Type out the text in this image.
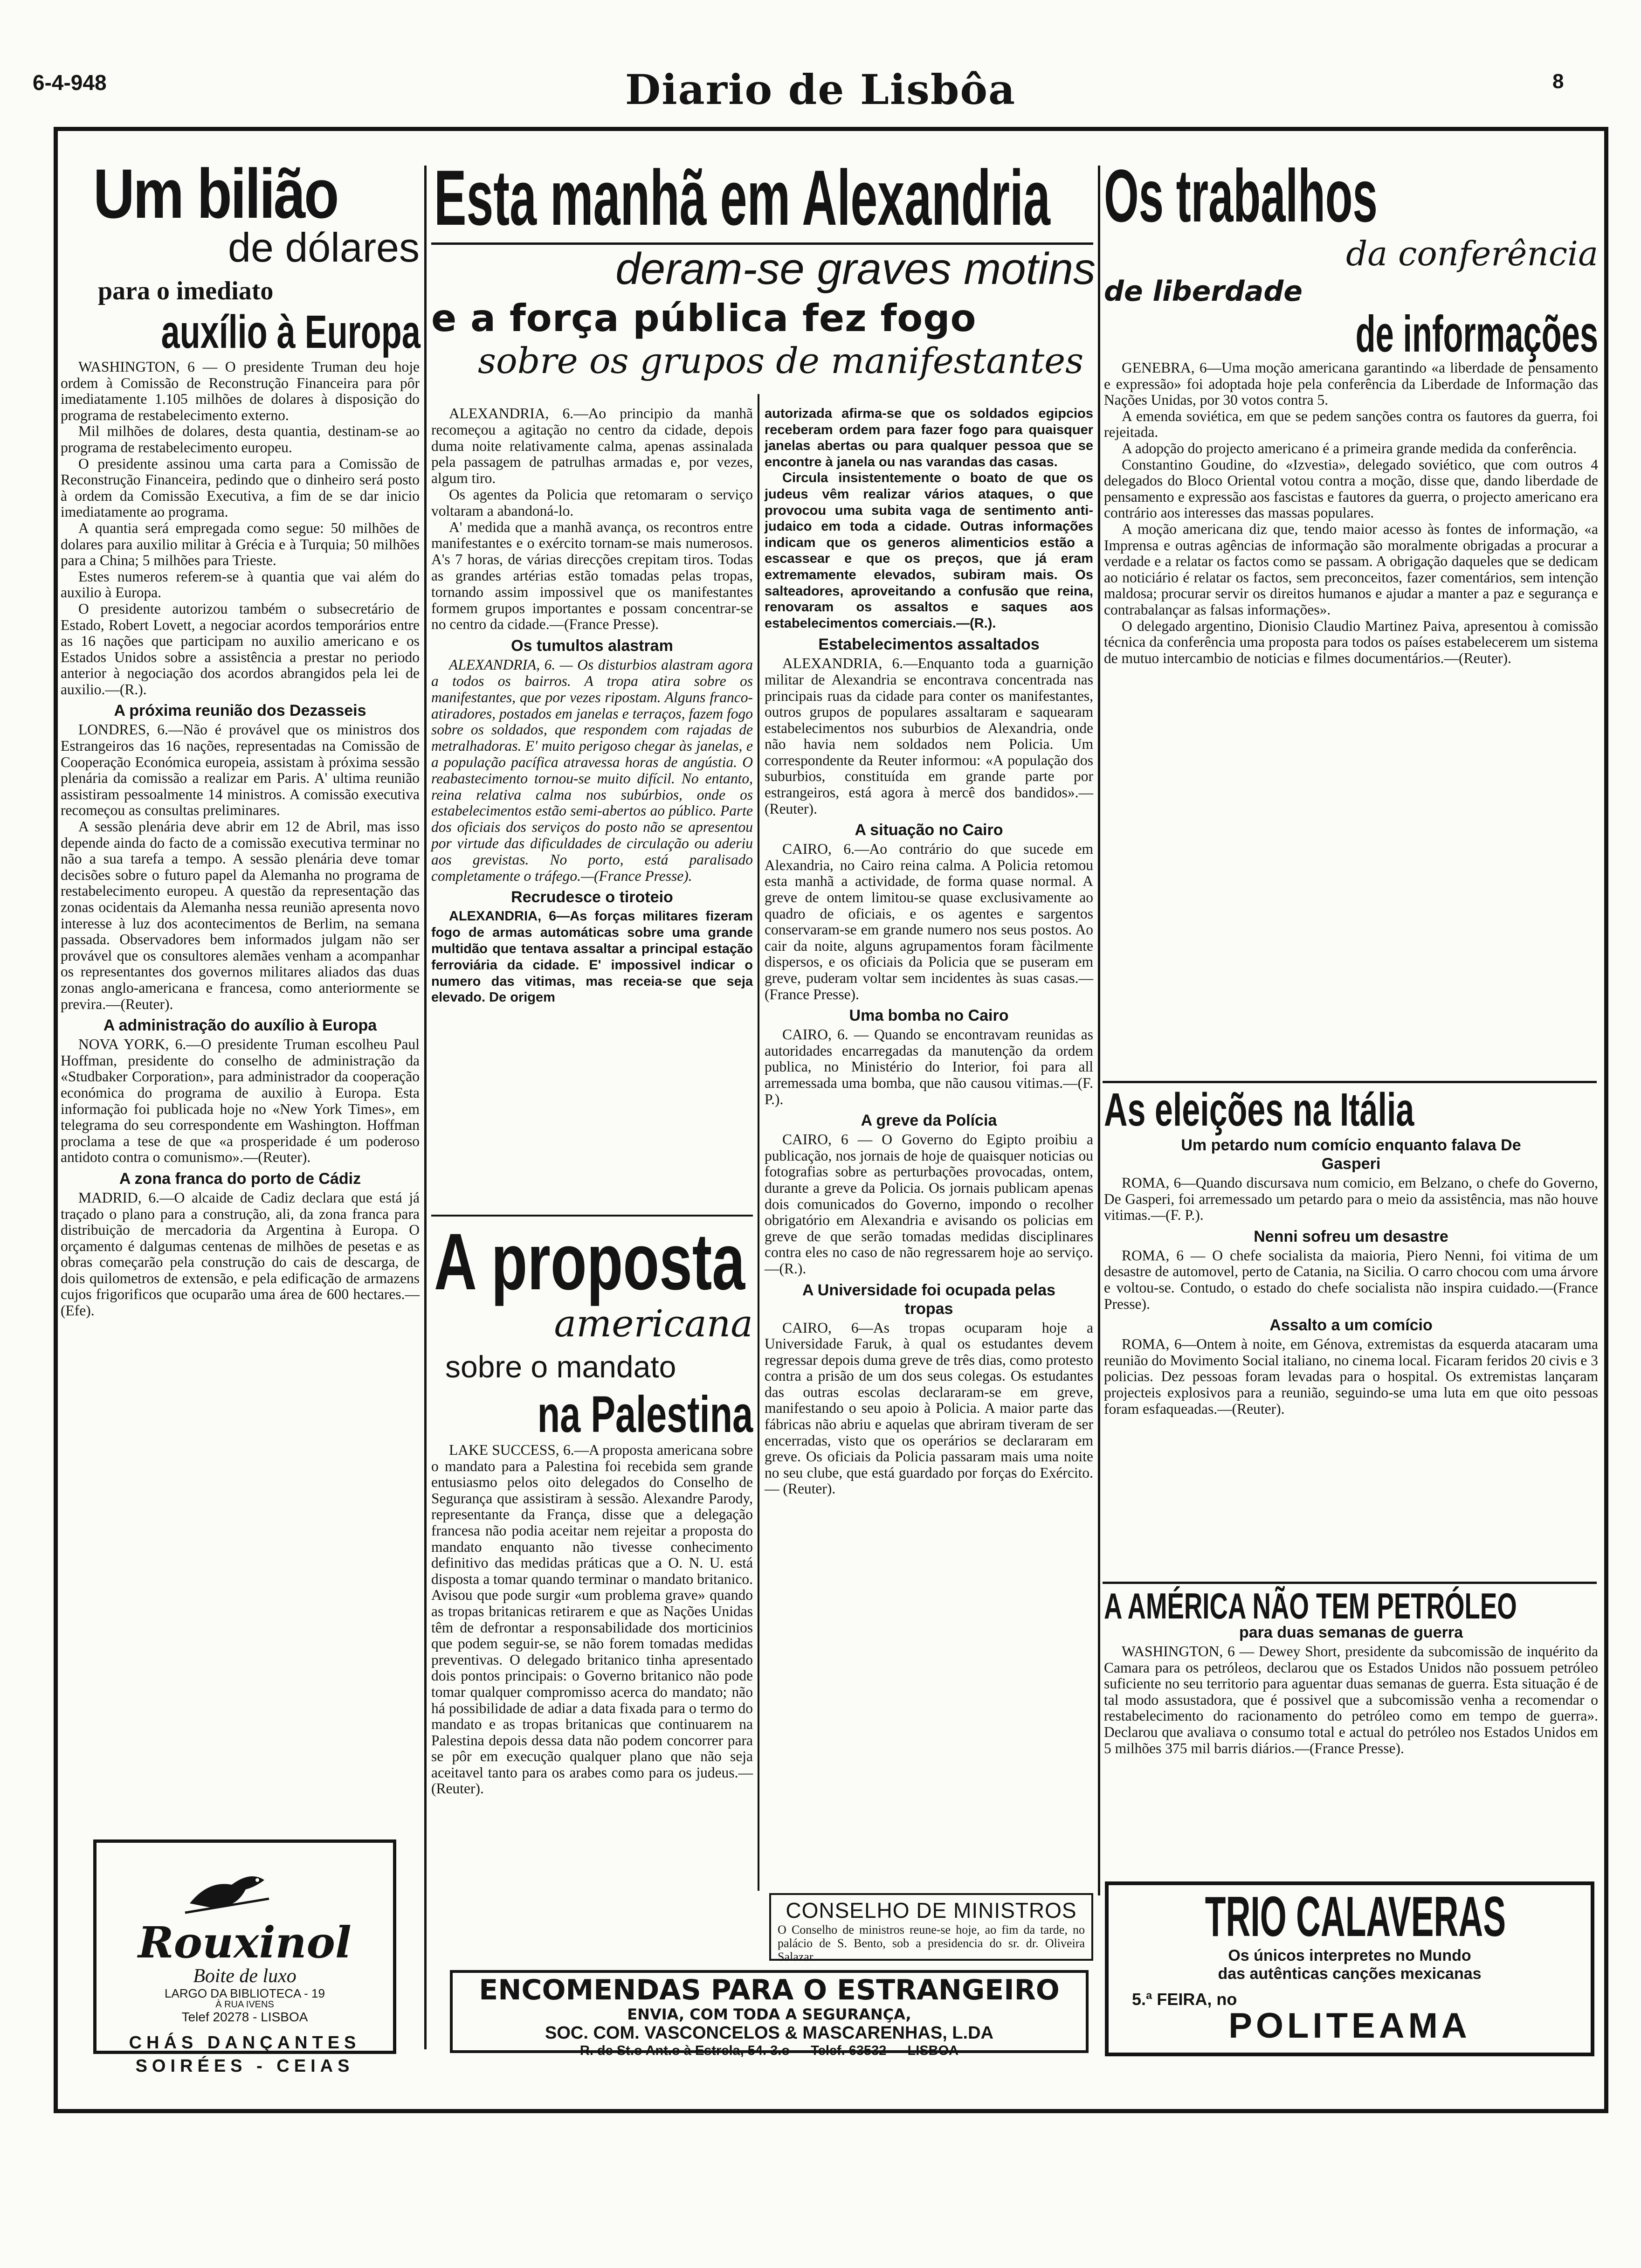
6-4-948	Diario de Lisbôa	8
Um bilião
de dólares
para o imediato
auxílio à Europa

WASHINGTON, 6 — O presidente Truman deu hoje ordem à Comissão de Reconstrução Financeira para pôr imediatamente 1.105 milhões de dolares à disposição do programa de restabelecimento externo.

Mil milhões de dolares, desta quantia, destinam-se ao programa de restabelecimento europeu.

O presidente assinou uma carta para a Comissão de Reconstrução Financeira, pedindo que o dinheiro será posto à ordem da Comissão Executiva, a fim de se dar inicio imediatamente ao programa.

A quantia será empregada como segue: 50 milhões de dolares para auxilio militar à Grécia e à Turquia; 50 milhões para a China; 5 milhões para Trieste.

Estes numeros referem-se à quantia que vai além do auxilio à Europa.

O presidente autorizou também o subsecretário de Estado, Robert Lovett, a negociar acordos temporários entre as 16 nações que participam no auxilio americano e os Estados Unidos sobre a assistência a prestar no periodo anterior à negociação dos acordos abrangidos pela lei de auxilio.—(R.).

A próxima reunião dos Dezasseis

LONDRES, 6.—Não é provável que os ministros dos Estrangeiros das 16 nações, representadas na Comissão de Cooperação Económica europeia, assistam à próxima sessão plenária da comissão a realizar em Paris. A' ultima reunião assistiram pessoalmente 14 ministros. A comissão executiva recomeçou as consultas preliminares.

A sessão plenária deve abrir em 12 de Abril, mas isso depende ainda do facto de a comissão executiva terminar no não a sua tarefa a tempo. A sessão plenária deve tomar decisões sobre o futuro papel da Alemanha no programa de restabelecimento europeu. A questão da representação das zonas ocidentais da Alemanha nessa reunião apresenta novo interesse à luz dos acontecimentos de Berlim, na semana passada. Observadores bem informados julgam não ser provável que os consultores alemães venham a acompanhar os representantes dos governos militares aliados das duas zonas anglo-americana e francesa, como anteriormente se previra.—(Reuter).

A administração do auxílio à Europa

NOVA YORK, 6.—O presidente Truman escolheu Paul Hoffman, presidente do conselho de administração da «Studbaker Corporation», para administrador da cooperação económica do programa de auxilio à Europa. Esta informação foi publicada hoje no «New York Times», em telegrama do seu correspondente em Washington. Hoffman proclama a tese de que «a prosperidade é um poderoso antidoto contra o comunismo».—(Reuter).

A zona franca do porto de Cádiz

MADRID, 6.—O alcaide de Cadiz declara que está já traçado o plano para a construção, ali, da zona franca para distribuição de mercadoria da Argentina à Europa. O orçamento é dalgumas centenas de milhões de pesetas e as obras começarão pela construção do cais de descarga, de dois quilometros de extensão, e pela edificação de armazens cujos frigorificos que ocuparão uma área de 600 hectares.—(Efe).

Rouxinol
Boite de luxo
LARGO DA BIBLIOTECA - 19
À RUA IVENS
Telef 20278 - LISBOA
CHÁS DANÇANTES
SOIRÉES - CEIAS
Esta manhã em Alexandria
deram-se graves motins
e a força pública fez fogo
sobre os grupos de manifestantes

ALEXANDRIA, 6.—Ao principio da manhã recomeçou a agitação no centro da cidade, depois duma noite relativamente calma, apenas assinalada pela passagem de patrulhas armadas e, por vezes, algum tiro.

Os agentes da Policia que retomaram o serviço voltaram a abandoná-lo.

A' medida que a manhã avança, os recontros entre manifestantes e o exército tornam-se mais numerosos. A's 7 horas, de várias direcções crepitam tiros. Todas as grandes artérias estão tomadas pelas tropas, tornando assim impossivel que os manifestantes formem grupos importantes e possam concentrar-se no centro da cidade.—(France Presse).

Os tumultos alastram

ALEXANDRIA, 6. — Os disturbios alastram agora a todos os bairros. A tropa atira sobre os manifestantes, que por vezes ripostam. Alguns franco-atiradores, postados em janelas e terraços, fazem fogo sobre os soldados, que respondem com rajadas de metralhadoras. E' muito perigoso chegar às janelas, e a população pacífica atravessa horas de angústia. O reabastecimento tornou-se muito difícil. No entanto, reina relativa calma nos subúrbios, onde os estabelecimentos estão semi-abertos ao público. Parte dos oficiais dos serviços do posto não se apresentou por virtude das dificuldades de circulação ou aderiu aos grevistas. No porto, está paralisado completamente o tráfego.—(France Presse).

Recrudesce o tiroteio

ALEXANDRIA, 6—As forças militares fizeram fogo de armas automáticas sobre uma grande multidão que tentava assaltar a principal estação ferroviária da cidade. E' impossivel indicar o numero das vitimas, mas receia-se que seja elevado. De origem

autorizada afirma-se que os soldados egipcios receberam ordem para fazer fogo para quaisquer janelas abertas ou para qualquer pessoa que se encontre à janela ou nas varandas das casas.

Circula insistentemente o boato de que os judeus vêm realizar vários ataques, o que provocou uma subita vaga de sentimento anti-judaico em toda a cidade. Outras informações indicam que os generos alimenticios estão a escassear e que os preços, que já eram extremamente elevados, subiram mais. Os salteadores, aproveitando a confusão que reina, renovaram os assaltos e saques aos estabelecimentos comerciais.—(R.).

Estabelecimentos assaltados

ALEXANDRIA, 6.—Enquanto toda a guarnição militar de Alexandria se encontrava concentrada nas principais ruas da cidade para conter os manifestantes, outros grupos de populares assaltaram e saquearam estabelecimentos nos suburbios de Alexandria, onde não havia nem soldados nem Policia. Um correspondente da Reuter informou: «A população dos suburbios, constituída em grande parte por estrangeiros, está agora à mercê dos bandidos».—(Reuter).

A situação no Cairo

CAIRO, 6.—Ao contrário do que sucede em Alexandria, no Cairo reina calma. A Policia retomou esta manhã a actividade, de forma quase normal. A greve de ontem limitou-se quase exclusivamente ao quadro de oficiais, e os agentes e sargentos conservaram-se em grande numero nos seus postos. Ao cair da noite, alguns agrupamentos foram fàcilmente dispersos, e os oficiais da Policia que se puseram em greve, puderam voltar sem incidentes às suas casas.—(France Presse).

Uma bomba no Cairo

CAIRO, 6. — Quando se encontravam reunidas as autoridades encarregadas da manutenção da ordem publica, no Ministério do Interior, foi para all arremessada uma bomba, que não causou vitimas.—(F. P.).

A greve da Polícia

CAIRO, 6 — O Governo do Egipto proibiu a publicação, nos jornais de hoje de quaisquer noticias ou fotografias sobre as perturbações provocadas, ontem, durante a greve da Policia. Os jornais publicam apenas dois comunicados do Governo, impondo o recolher obrigatório em Alexandria e avisando os policias em greve de que serão tomadas medidas disciplinares contra eles no caso de não regressarem hoje ao serviço.—(R.).

A Universidade foi ocupada pelas tropas

CAIRO, 6—As tropas ocuparam hoje a Universidade Faruk, à qual os estudantes devem regressar depois duma greve de três dias, como protesto contra a prisão de um dos seus colegas. Os estudantes das outras escolas declararam-se em greve, manifestando o seu apoio à Policia. A maior parte das fábricas não abriu e aquelas que abriram tiveram de ser encerradas, visto que os operários se declararam em greve. Os oficiais da Policia passaram mais uma noite no seu clube, que está guardado por forças do Exército. — (Reuter).

A proposta
americana
sobre o mandato
na Palestina

LAKE SUCCESS, 6.—A proposta americana sobre o mandato para a Palestina foi recebida sem grande entusiasmo pelos oito delegados do Conselho de Segurança que assistiram à sessão. Alexandre Parody, representante da França, disse que a delegação francesa não podia aceitar nem rejeitar a proposta do mandato enquanto não tivesse conhecimento definitivo das medidas práticas que a O. N. U. está disposta a tomar quando terminar o mandato britanico. Avisou que pode surgir «um problema grave» quando as tropas britanicas retirarem e que as Nações Unidas têm de defrontar a responsabilidade dos morticinios que podem seguir-se, se não forem tomadas medidas preventivas. O delegado britanico tinha apresentado dois pontos principais: o Governo britanico não pode tomar qualquer compromisso acerca do mandato; não há possibilidade de adiar a data fixada para o termo do mandato e as tropas britanicas que continuarem na Palestina depois dessa data não podem concorrer para se pôr em execução qualquer plano que não seja aceitavel tanto para os arabes como para os judeus.—(Reuter).

CONSELHO DE MINISTROS
O Conselho de ministros reune-se hoje, ao fim da tarde, no palácio de S. Bento, sob a presidencia do sr. dr. Oliveira Salazar.
ENCOMENDAS PARA O ESTRANGEIRO
ENVIA, COM TODA A SEGURANÇA,
SOC. COM. VASCONCELOS & MASCARENHAS, L.DA
R. de St.o Ant.o à Estrela, 54. 3.o — Telef. 63532 — LISBOA
Os trabalhos
da conferência
de liberdade
de informações

GENEBRA, 6—Uma moção americana garantindo «a liberdade de pensamento e expressão» foi adoptada hoje pela conferência da Liberdade de Informação das Nações Unidas, por 30 votos contra 5.

A emenda soviética, em que se pedem sanções contra os fautores da guerra, foi rejeitada.

A adopção do projecto americano é a primeira grande medida da conferência.

Constantino Goudine, do «Izvestia», delegado soviético, que com outros 4 delegados do Bloco Oriental votou contra a moção, disse que, dando liberdade de pensamento e expressão aos fascistas e fautores da guerra, o projecto americano era contrário aos interesses das massas populares.

A moção americana diz que, tendo maior acesso às fontes de informação, «a Imprensa e outras agências de informação são moralmente obrigadas a procurar a verdade e a relatar os factos como se passam. A obrigação daqueles que se dedicam ao noticiário é relatar os factos, sem preconceitos, fazer comentários, sem intenção maldosa; procurar servir os direitos humanos e ajudar a manter a paz e segurança e contrabalançar as falsas informações».

O delegado argentino, Dionisio Claudio Martinez Paiva, apresentou à comissão técnica da conferência uma proposta para todos os países estabelecerem um sistema de mutuo intercambio de noticias e filmes documentários.—(Reuter).

As eleições na Itália
Um petardo num comício enquanto falava De Gasperi

ROMA, 6—Quando discursava num comicio, em Belzano, o chefe do Governo, De Gasperi, foi arremessado um petardo para o meio da assistência, mas não houve vitimas.—(F. P.).

Nenni sofreu um desastre

ROMA, 6 — O chefe socialista da maioria, Piero Nenni, foi vitima de um desastre de automovel, perto de Catania, na Sicilia. O carro chocou com uma árvore e voltou-se. Contudo, o estado do chefe socialista não inspira cuidado.—(France Presse).

Assalto a um comício

ROMA, 6—Ontem à noite, em Génova, extremistas da esquerda atacaram uma reunião do Movimento Social italiano, no cinema local. Ficaram feridos 20 civis e 3 policias. Dez pessoas foram levadas para o hospital. Os extremistas lançaram projecteis explosivos para a reunião, seguindo-se uma luta em que oito pessoas foram esfaqueadas.—(Reuter).

A AMÉRICA NÃO TEM PETRÓLEO
para duas semanas de guerra

WASHINGTON, 6 — Dewey Short, presidente da subcomissão de inquérito da Camara para os petróleos, declarou que os Estados Unidos não possuem petróleo suficiente no seu territorio para aguentar duas semanas de guerra. Esta situação é de tal modo assustadora, que é possivel que a subcomissão venha a recomendar o restabelecimento do racionamento do petróleo como em tempo de guerra». Declarou que avaliava o consumo total e actual do petróleo nos Estados Unidos em 5 milhões 375 mil barris diários.—(France Presse).

TRIO CALAVERAS
Os únicos interpretes no Mundo
das autênticas canções mexicanas
5.ª FEIRA, no
POLITEAMA
